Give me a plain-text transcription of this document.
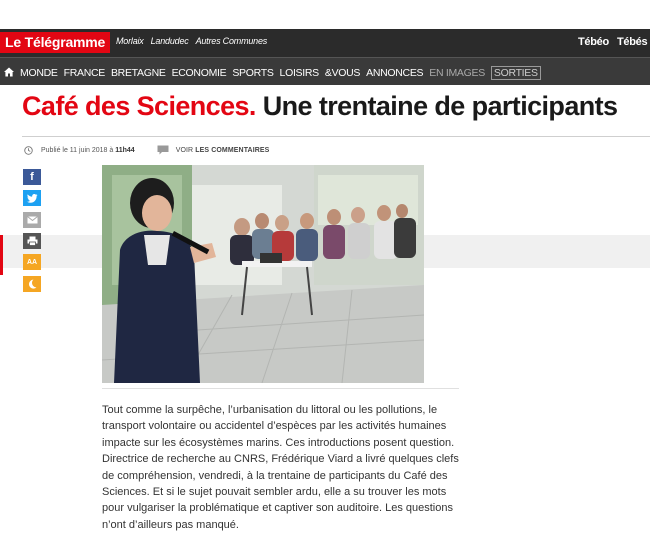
Le Télégramme	Morlaix Landudec Autres Communes	Tébéo Tébés
MONDE FRANCE BRETAGNE ECONOMIE SPORTS LOISIRS &VOUS ANNONCES EN IMAGES SORTIES
Café des Sciences. Une trentaine de participants
Publié le 11 juin 2018 à 11h44	VOIR LES COMMENTAIRES
f
AA

Tout comme la surpêche, l’urbanisation du littoral ou les pollutions, le transport volontaire ou accidentel d’espèces par les activités humaines impacte sur les écosystèmes marins. Ces introductions posent question. Directrice de recherche au CNRS, Frédérique Viard a livré quelques clefs de compréhension, vendredi, à la trentaine de participants du Café des Sciences. Et si le sujet pouvait sembler ardu, elle a su trouver les mots pour vulgariser la problématique et captiver son auditoire. Les questions n’ont d’ailleurs pas manqué.
